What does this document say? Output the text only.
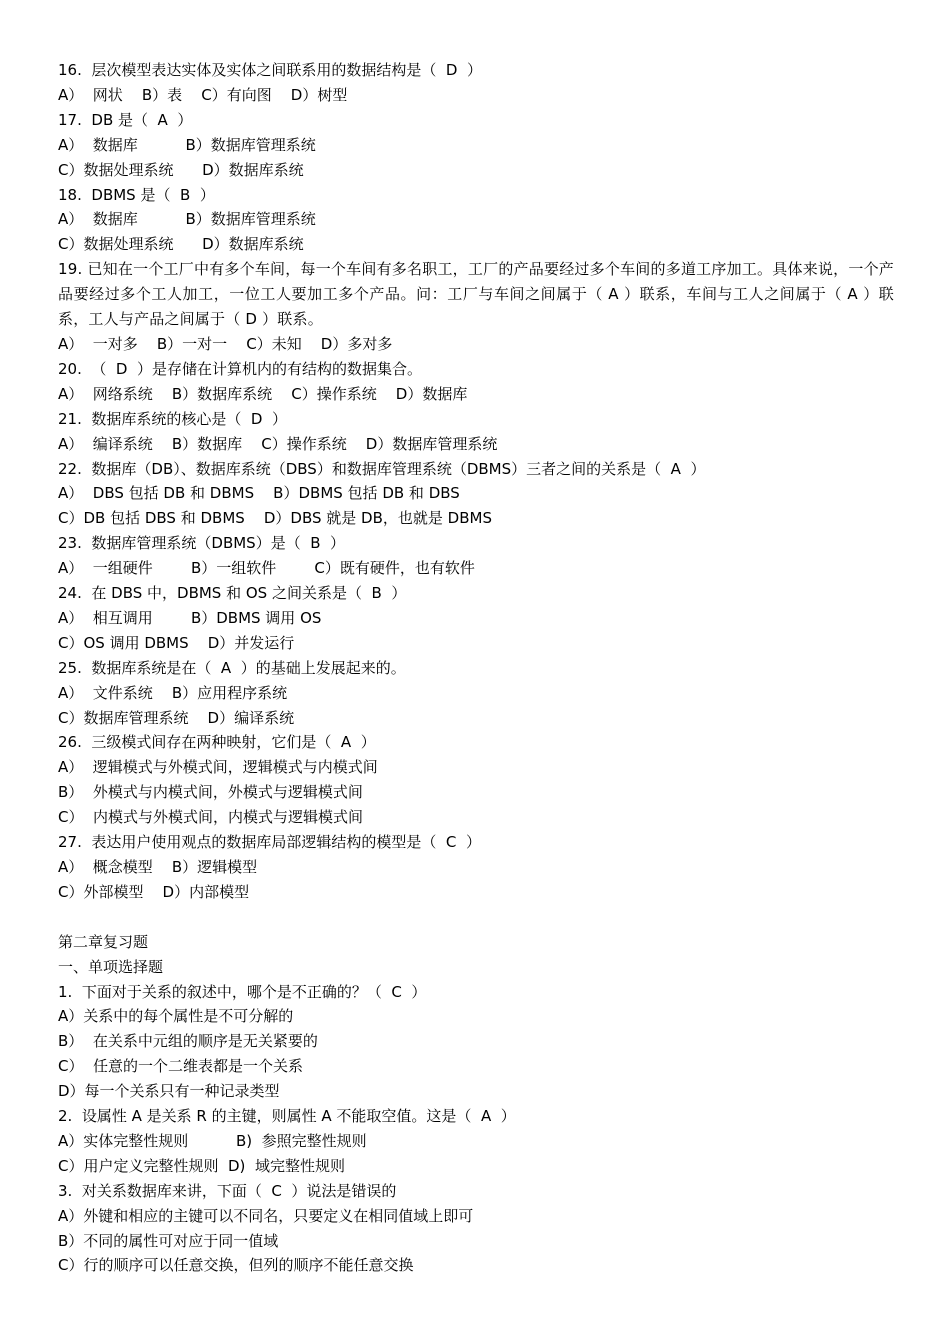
16.  层次模型表达实体及实体之间联系用的数据结构是（  D  ）

A）  网状    B）表    C）有向图    D）树型

17.  DB 是（  A  ）

A）  数据库          B）数据库管理系统

C）数据处理系统      D）数据库系统

18.  DBMS 是（  B  ）

A）  数据库          B）数据库管理系统

C）数据处理系统      D）数据库系统

19. 已知在一个工厂中有多个车间，每一个车间有多名职工，工厂的产品要经过多个车间的多道工序加工。具体来说，一个产品要经过多个工人加工，一位工人要加工多个产品。问：工厂与车间之间属于（ A ）联系，车间与工人之间属于（ A ）联系，工人与产品之间属于（ D ）联系。

A）  一对多    B）一对一    C）未知    D）多对多

20.  （  D  ）是存储在计算机内的有结构的数据集合。

A）  网络系统    B）数据库系统    C）操作系统    D）数据库

21.  数据库系统的核心是（  D  ）

A）  编译系统    B）数据库    C）操作系统    D）数据库管理系统

22.  数据库（DB）、数据库系统（DBS）和数据库管理系统（DBMS）三者之间的关系是（  A  ）

A）  DBS 包括 DB 和 DBMS    B）DBMS 包括 DB 和 DBS

C）DB 包括 DBS 和 DBMS    D）DBS 就是 DB，也就是 DBMS

23.  数据库管理系统（DBMS）是（  B  ）

A）  一组硬件        B）一组软件        C）既有硬件，也有软件

24.  在 DBS 中，DBMS 和 OS 之间关系是（  B  ）

A）  相互调用        B）DBMS 调用 OS

C）OS 调用 DBMS    D）并发运行

25.  数据库系统是在（  A  ）的基础上发展起来的。

A）  文件系统    B）应用程序系统

C）数据库管理系统    D）编译系统

26.  三级模式间存在两种映射，它们是（  A  ）

A）  逻辑模式与外模式间，逻辑模式与内模式间

B）  外模式与内模式间，外模式与逻辑模式间

C）  内模式与外模式间，内模式与逻辑模式间

27.  表达用户使用观点的数据库局部逻辑结构的模型是（  C  ）

A）  概念模型    B）逻辑模型

C）外部模型    D）内部模型

第二章复习题

一、单项选择题

1.  下面对于关系的叙述中，哪个是不正确的？（  C  ）

A）关系中的每个属性是不可分解的

B）  在关系中元组的顺序是无关紧要的

C）  任意的一个二维表都是一个关系

D）每一个关系只有一种记录类型

2.  设属性 A 是关系 R 的主键，则属性 A 不能取空值。这是（  A  ）

A）实体完整性规则          B)  参照完整性规则

C）用户定义完整性规则  D)  域完整性规则

3.  对关系数据库来讲，下面（  C  ）说法是错误的

A）外键和相应的主键可以不同名，只要定义在相同值域上即可

B）不同的属性可对应于同一值域

C）行的顺序可以任意交换，但列的顺序不能任意交换
